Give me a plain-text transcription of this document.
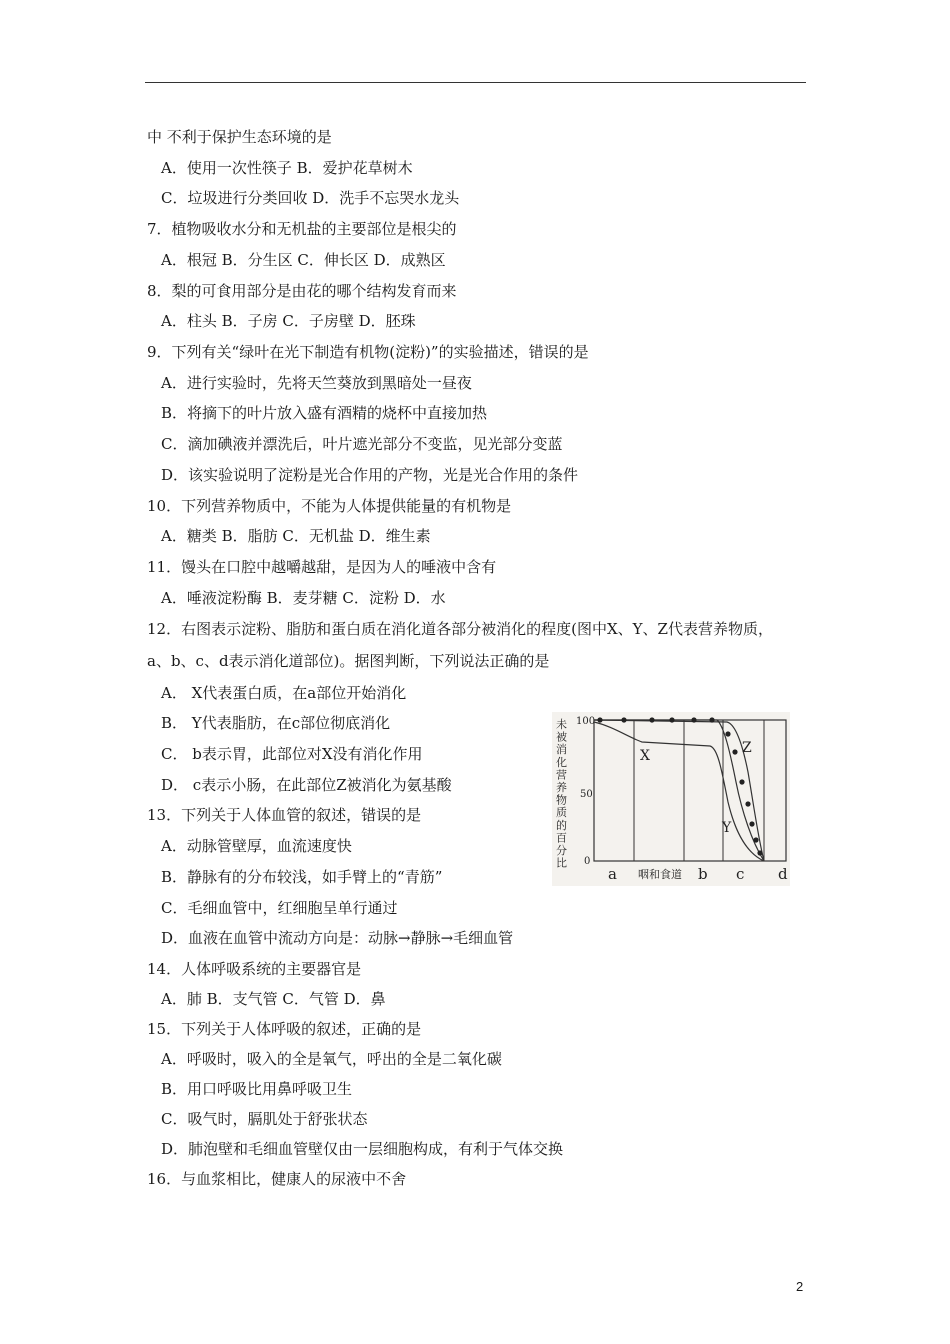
中 不利于保护生态环境的是
A．使用一次性筷子 B．爱护花草树木
C．垃圾进行分类回收 D．洗手不忘哭水龙头
7．植物吸收水分和无机盐的主要部位是根尖的
A．根冠 B．分生区 C．伸长区 D．成熟区
8．梨的可食用部分是由花的哪个结构发育而来
A．柱头 B．子房 C．子房壁 D．胚珠
9．下列有关“绿叶在光下制造有机物(淀粉)”的实验描述，错误的是
A．进行实验时，先将天竺葵放到黑暗处一昼夜
B．将摘下的叶片放入盛有酒精的烧杯中直接加热
C．滴加碘液并漂洗后，叶片遮光部分不变监，见光部分变蓝
D．该实验说明了淀粉是光合作用的产物，光是光合作用的条件
10．下列营养物质中，不能为人体提供能量的有机物是
A．糖类 B．脂肪 C．无机盐 D．维生素
11．馒头在口腔中越嚼越甜，是因为人的唾液中含有
A．唾液淀粉酶 B．麦芽糖 C．淀粉 D．水
12．右图表示淀粉、脂肪和蛋白质在消化道各部分被消化的程度(图中X、Y、Z代表营养物质，
a、b、c、d表示消化道部位)。据图判断，下列说法正确的是
A． X代表蛋白质，在a部位开始消化
B． Y代表脂肪，在c部位彻底消化
C． b表示胃，此部位对X没有消化作用
D． c表示小肠，在此部位Z被消化为氨基酸
13．下列关于人体血管的叙述，错误的是
A．动脉管壁厚，血流速度快
B．静脉有的分布较浅，如手臂上的“青筋”
C．毛细血管中，红细胞呈单行通过
D．血液在血管中流动方向是：动脉→静脉→毛细血管
14．人体呼吸系统的主要器官是
A．肺 B．支气管 C．气管 D．鼻
15．下列关于人体呼吸的叙述，正确的是
A．呼吸时，吸入的全是氧气，呼出的全是二氧化碳
B．用口呼吸比用鼻呼吸卫生
C．吸气时，膈肌处于舒张状态
D．肺泡壁和毛细血管壁仅由一层细胞构成，有利于气体交换
16．与血浆相比，健康人的尿液中不舍
未被消化营养物质的百分比
100
50
0
X
Y
Z
a 咽和食道 b c d
2
